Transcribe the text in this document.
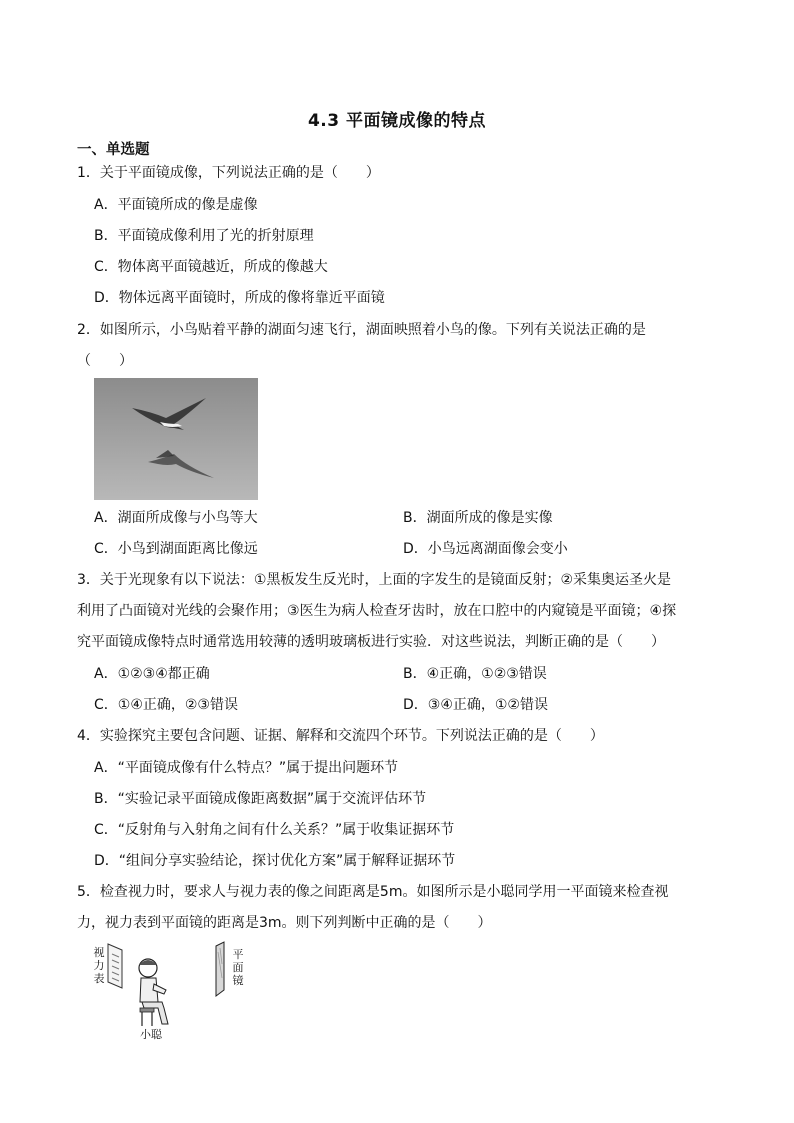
4.3 平面镜成像的特点
一、单选题
1．关于平面镜成像，下列说法正确的是（　　）
A．平面镜所成的像是虚像
B．平面镜成像利用了光的折射原理
C．物体离平面镜越近，所成的像越大
D．物体远离平面镜时，所成的像将靠近平面镜
2．如图所示，小鸟贴着平静的湖面匀速飞行，湖面映照着小鸟的像。下列有关说法正确的是
（　　）
A．湖面所成像与小鸟等大	B．湖面所成的像是实像
C．小鸟到湖面距离比像远	D．小鸟远离湖面像会变小
3．关于光现象有以下说法：①黑板发生反光时，上面的字发生的是镜面反射；②采集奥运圣火是
利用了凸面镜对光线的会聚作用；③医生为病人检查牙齿时，放在口腔中的内窥镜是平面镜；④探
究平面镜成像特点时通常选用较薄的透明玻璃板进行实验．对这些说法，判断正确的是（　　）
A．①②③④都正确	B．④正确，①②③错误
C．①④正确，②③错误	D．③④正确，①②错误
4．实验探究主要包含问题、证据、解释和交流四个环节。下列说法正确的是（　　）
A．“平面镜成像有什么特点？”属于提出问题环节
B．“实验记录平面镜成像距离数据”属于交流评估环节
C．“反射角与入射角之间有什么关系？”属于收集证据环节
D．“组间分享实验结论，探讨优化方案”属于解释证据环节
5．检查视力时，要求人与视力表的像之间距离是5m。如图所示是小聪同学用一平面镜来检查视
力，视力表到平面镜的距离是3m。则下列判断中正确的是（　　）
视
力
表
平
面
镜
小聪
